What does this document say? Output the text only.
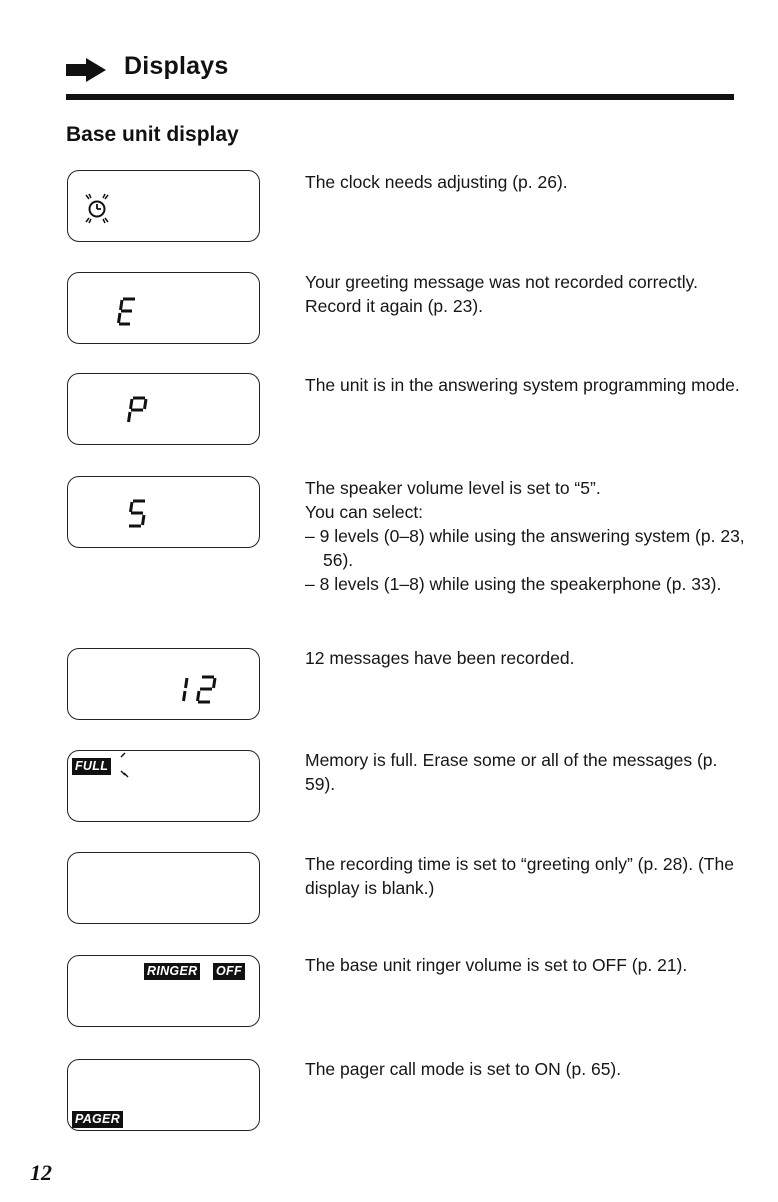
Displays
Base unit display

The clock needs adjusting (p. 26).

Your greeting message was not recorded correctly. Record it again (p. 23).

The unit is in the answering system programming mode.

The speaker volume level is set to “5”.

You can select:

– 9 levels (0–8) while using the answering system (p. 23, 56).

– 8 levels (1–8) while using the speakerphone (p. 33).

12 messages have been recorded.

FULL	Memory is full. Erase some or all of the messages (p. 59).

The recording time is set to “greeting only” (p. 28). (The display is blank.)

RINGER OFF	The base unit ringer volume is set to OFF (p. 21).

PAGER

The pager call mode is set to ON (p. 65).

12
